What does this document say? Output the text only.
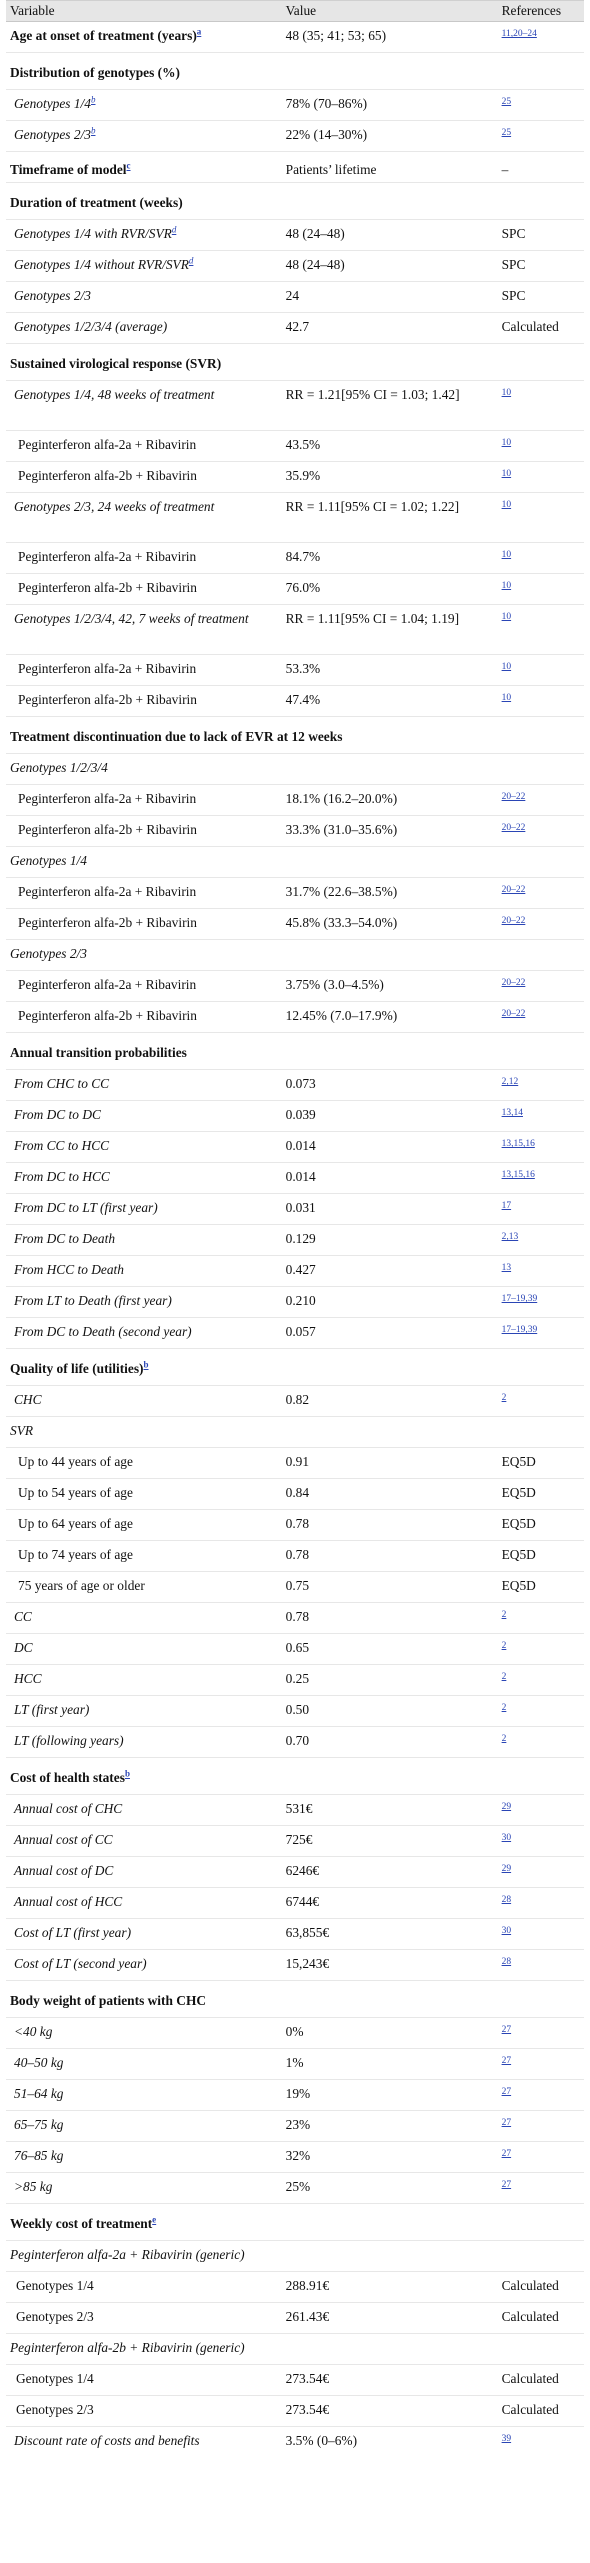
Variable	Value	References
Age at onset of treatment (years)$^a$	48 (35; 41; 53; 65)	$^{11,20-24}$
Distribution of genotypes (%)		
Genotypes 1/4$^b$	78% (70–86%)	$^{25}$
Genotypes 2/3$^b$	22% (14–30%)	$^{25}$
Timeframe of model$^c$	Patients’ lifetime	–
Duration of treatment (weeks)		
Genotypes 1/4 with RVR/SVR$^d$	48 (24–48)	SPC
Genotypes 1/4 without RVR/SVR$^d$	48 (24–48)	SPC
Genotypes 2/3	24	SPC
Genotypes 1/2/3/4 (average)	42.7	Calculated
Sustained virological response (SVR)		
Genotypes 1/4, 48 weeks of treatment	RR = 1.21[95% CI = 1.03; 1.42]	$^{10}$
Peginterferon alfa-2a + Ribavirin	43.5%	$^{10}$
Peginterferon alfa-2b + Ribavirin	35.9%	$^{10}$
Genotypes 2/3, 24 weeks of treatment	RR = 1.11[95% CI = 1.02; 1.22]	$^{10}$
Peginterferon alfa-2a + Ribavirin	84.7%	$^{10}$
Peginterferon alfa-2b + Ribavirin	76.0%	$^{10}$
Genotypes 1/2/3/4, 42, 7 weeks of treatment	RR = 1.11[95% CI = 1.04; 1.19]	$^{10}$
Peginterferon alfa-2a + Ribavirin	53.3%	$^{10}$
Peginterferon alfa-2b + Ribavirin	47.4%	$^{10}$
Treatment discontinuation due to lack of EVR at 12 weeks		
Genotypes 1/2/3/4		
Peginterferon alfa-2a + Ribavirin	18.1% (16.2–20.0%)	$^{20-22}$
Peginterferon alfa-2b + Ribavirin	33.3% (31.0–35.6%)	$^{20-22}$
Genotypes 1/4		
Peginterferon alfa-2a + Ribavirin	31.7% (22.6–38.5%)	$^{20-22}$
Peginterferon alfa-2b + Ribavirin	45.8% (33.3–54.0%)	$^{20-22}$
Genotypes 2/3		
Peginterferon alfa-2a + Ribavirin	3.75% (3.0–4.5%)	$^{20-22}$
Peginterferon alfa-2b + Ribavirin	12.45% (7.0–17.9%)	$^{20-22}$
Annual transition probabilities		
From CHC to CC	0.073	$^{2,12}$
From DC to DC	0.039	$^{13,14}$
From CC to HCC	0.014	$^{13,15,16}$
From DC to HCC	0.014	$^{13,15,16}$
From DC to LT (first year)	0.031	$^{17}$
From DC to Death	0.129	$^{2,13}$
From HCC to Death	0.427	$^{13}$
From LT to Death (first year)	0.210	$^{17-19,39}$
From DC to Death (second year)	0.057	$^{17-19,39}$
Quality of life (utilities)$^b$
CHC	0.82	$^2$
SVR		
Up to 44 years of age	0.91	EQ5D
Up to 54 years of age	0.84	EQ5D
Up to 64 years of age	0.78	EQ5D
Up to 74 years of age	0.78	EQ5D
75 years of age or older	0.75	EQ5D
CC	0.78	$^2$
DC	0.65	$^2$
HCC	0.25	$^2$
LT (first year)	0.50	$^2$
LT (following years)	0.70	$^2$
Cost of health states$^b$
Annual cost of CHC	531€	$^{29}$
Annual cost of CC	725€	$^{30}$
Annual cost of DC	6246€	$^{29}$
Annual cost of HCC	6744€	$^{28}$
Cost of LT (first year)	63,855€	$^{30}$
Cost of LT (second year)	15,243€	$^{28}$
Body weight of patients with CHC		
<40 kg	0%	$^{27}$
40–50 kg	1%	$^{27}$
51–64 kg	19%	$^{27}$
65–75 kg	23%	$^{27}$
76–85 kg	32%	$^{27}$
>85 kg	25%	$^{27}$
Weekly cost of treatment$^e$
Peginterferon alfa-2a + Ribavirin (generic)		
Genotypes 1/4	288.91€	Calculated
Genotypes 2/3	261.43€	Calculated
Peginterferon alfa-2b + Ribavirin (generic)		
Genotypes 1/4	273.54€	Calculated
Genotypes 2/3	273.54€	Calculated
Discount rate of costs and benefits	3.5% (0–6%)	$^{39}$
